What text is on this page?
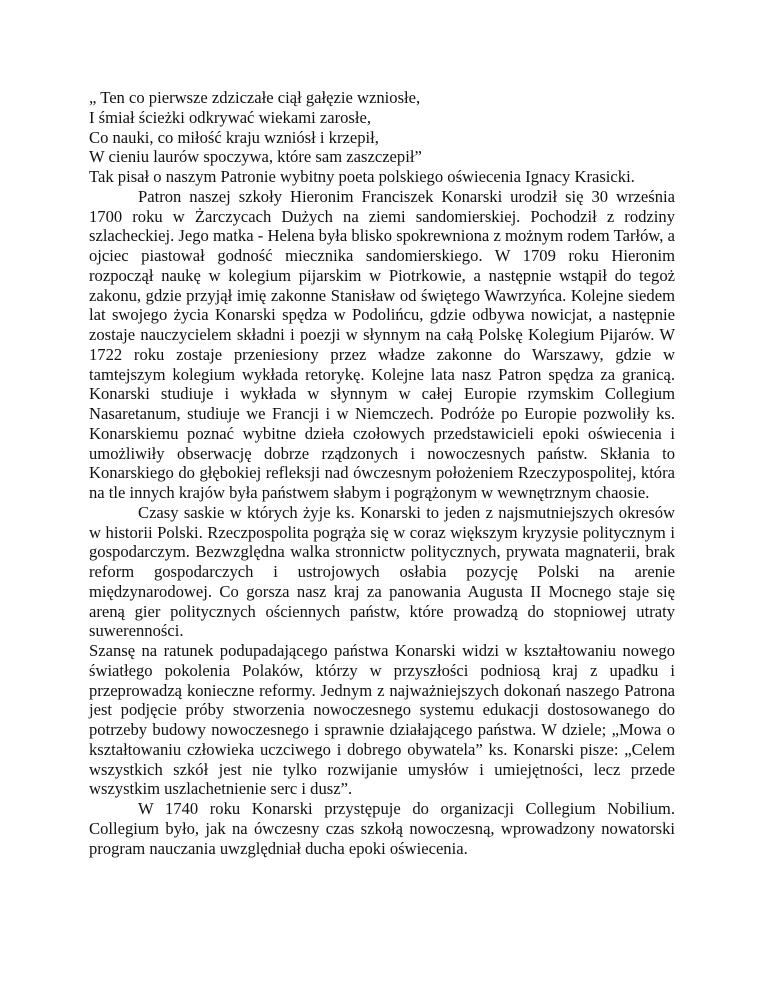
„ Ten co pierwsze zdziczałe ciął gałęzie wzniosłe,
I śmiał ścieżki odkrywać wiekami zarosłe,
Co nauki, co miłość kraju wzniósł i krzepił,
W cieniu laurów spoczywa, które sam zaszczepił”

Tak pisał o naszym Patronie wybitny poeta polskiego oświecenia Ignacy Krasicki.

Patron naszej szkoły Hieronim Franciszek Konarski urodził się 30 września 1700 roku w Żarczycach Dużych na ziemi sandomierskiej. Pochodził z rodziny szlacheckiej. Jego matka - Helena była blisko spokrewniona z możnym rodem Tarłów, a ojciec piastował godność miecznika sandomierskiego. W 1709 roku Hieronim rozpoczął naukę w kolegium pijarskim w Piotrkowie, a następnie wstąpił do tegoż zakonu, gdzie przyjął imię zakonne Stanisław od świętego Wawrzyńca. Kolejne siedem lat swojego życia Konarski spędza w Podolińcu, gdzie odbywa nowicjat, a następnie zostaje nauczycielem składni i poezji w słynnym na całą Polskę Kolegium Pijarów. W 1722 roku zostaje przeniesiony przez władze zakonne do Warszawy, gdzie w tamtejszym kolegium wykłada retorykę. Kolejne lata nasz Patron spędza za granicą. Konarski studiuje i wykłada w słynnym w całej Europie rzymskim Collegium Nasaretanum, studiuje we Francji i w Niemczech. Podróże po Europie pozwoliły ks. Konarskiemu poznać wybitne dzieła czołowych przedstawicieli epoki oświecenia i umożliwiły obserwację dobrze rządzonych i nowoczesnych państw. Skłania to Konarskiego do głębokiej refleksji nad ówczesnym położeniem Rzeczypospolitej, która na tle innych krajów była państwem słabym i pogrążonym w wewnętrznym chaosie.

Czasy saskie w których żyje ks. Konarski to jeden z najsmutniejszych okresów w historii Polski. Rzeczpospolita pogrąża się w coraz większym kryzysie politycznym i gospodarczym. Bezwzględna walka stronnictw politycznych, prywata magnaterii, brak reform gospodarczych i ustrojowych osłabia pozycję Polski na arenie międzynarodowej. Co gorsza nasz kraj za panowania Augusta II Mocnego staje się areną gier politycznych ościennych państw, które prowadzą do stopniowej utraty suwerenności.

Szansę na ratunek podupadającego państwa Konarski widzi w kształtowaniu nowego światłego pokolenia Polaków, którzy w przyszłości podniosą kraj z upadku i przeprowadzą konieczne reformy. Jednym z najważniejszych dokonań naszego Patrona jest podjęcie próby stworzenia nowoczesnego systemu edukacji dostosowanego do potrzeby budowy nowoczesnego i sprawnie działającego państwa. W dziele; „Mowa o kształtowaniu człowieka uczciwego i dobrego obywatela” ks. Konarski pisze: „Celem wszystkich szkół jest nie tylko rozwijanie umysłów i umiejętności, lecz przede wszystkim uszlachetnienie serc i dusz”.

W 1740 roku Konarski przystępuje do organizacji Collegium Nobilium. Collegium było, jak na ówczesny czas szkołą nowoczesną, wprowadzony nowatorski program nauczania uwzględniał ducha epoki oświecenia.
